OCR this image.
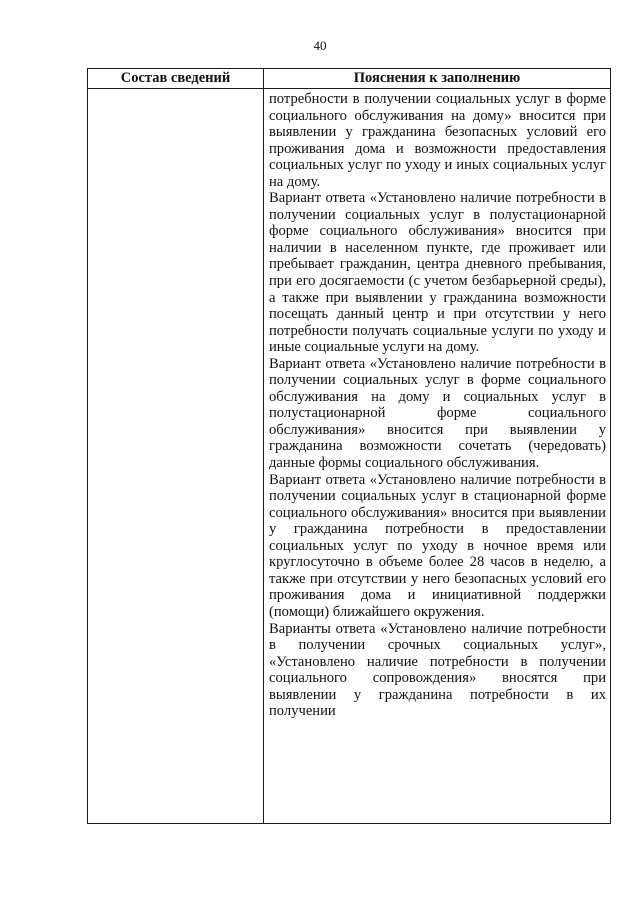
40
Состав сведений	Пояснения к заполнению

потребности в получении социальных услуг в форме социального обслуживания на дому» вносится при выявлении у гражданина безопасных условий его проживания дома и возможности предоставления социальных услуг по уходу и иных социальных услуг на дому.

Вариант ответа «Установлено наличие потребности в получении социальных услуг в полустационарной форме социального обслуживания» вносится при наличии в населенном пункте, где проживает или пребывает гражданин, центра дневного пребывания, при его досягаемости (с учетом безбарьерной среды), а также при выявлении у гражданина возможности посещать данный центр и при отсутствии у него потребности получать социальные услуги по уходу и иные социальные услуги на дому.

Вариант ответа «Установлено наличие потребности в получении социальных услуг в форме социального обслуживания на дому и социальных услуг в полустационарной форме социального обслуживания» вносится при выявлении у гражданина возможности сочетать (чередовать) данные формы социального обслуживания.

Вариант ответа «Установлено наличие потребности в получении социальных услуг в стационарной форме социального обслуживания» вносится при выявлении у гражданина потребности в предоставлении социальных услуг по уходу в ночное время или круглосуточно в объеме более 28 часов в неделю, а также при отсутствии у него безопасных условий его проживания дома и инициативной поддержки (помощи) ближайшего окружения.

Варианты ответа «Установлено наличие потребности в получении срочных социальных услуг», «Установлено наличие потребности в получении социального сопровождения» вносятся при выявлении у гражданина потребности в их получении
